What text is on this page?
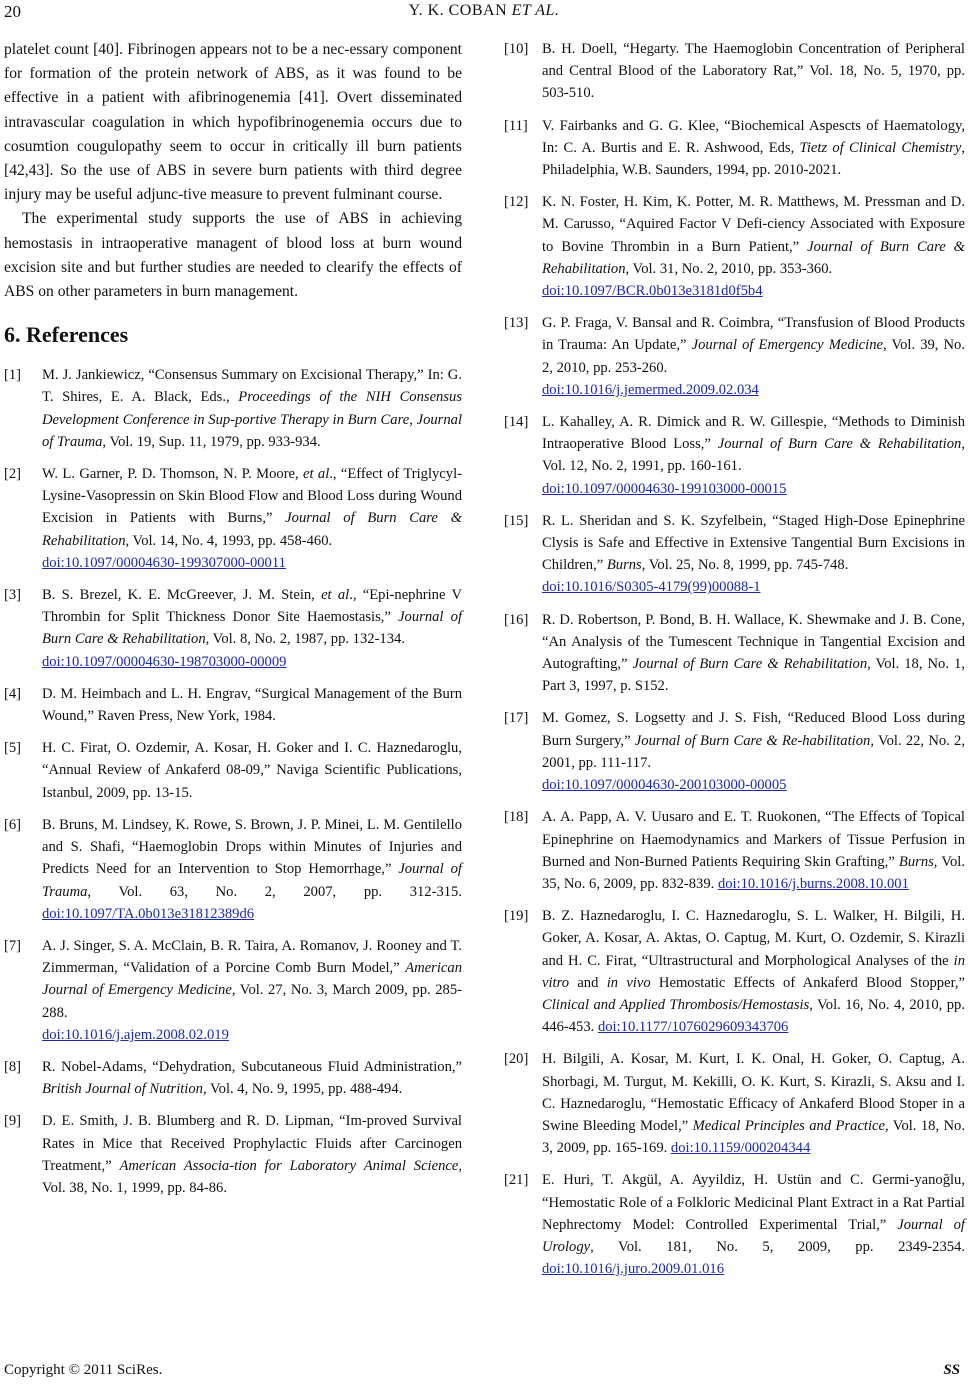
20	Y. K. COBAN ET AL.

platelet count [40]. Fibrinogen appears not to be a nec-essary component for formation of the protein network of ABS, as it was found to be effective in a patient with afibrinogenemia [41]. Overt disseminated intravascular coagulation in which hypofibrinogenemia occurs due to cosumtion cougulopathy seem to occur in critically ill burn patients [42,43]. So the use of ABS in severe burn patients with third degree injury may be useful adjunc-tive measure to prevent fulminant course.

The experimental study supports the use of ABS in achieving hemostasis in intraoperative managent of blood loss at burn wound excision site and but further studies are needed to clearify the effects of ABS on other parameters in burn management.

6. References
[1]	M. J. Jankiewicz, “Consensus Summary on Excisional Therapy,” In: G. T. Shires, E. A. Black, Eds., Proceedings of the NIH Consensus Development Conference in Sup-portive Therapy in Burn Care, Journal of Trauma, Vol. 19, Sup. 11, 1979, pp. 933-934.
[2]	W. L. Garner, P. D. Thomson, N. P. Moore, et al., “Effect of Triglycyl-Lysine-Vasopressin on Skin Blood Flow and Blood Loss during Wound Excision in Patients with Burns,” Journal of Burn Care & Rehabilitation, Vol. 14, No. 4, 1993, pp. 458-460.
doi:10.1097/00004630-199307000-00011
[3]	B. S. Brezel, K. E. McGreever, J. M. Stein, et al., “Epi-nephrine V Thrombin for Split Thickness Donor Site Haemostasis,” Journal of Burn Care & Rehabilitation, Vol. 8, No. 2, 1987, pp. 132-134.
doi:10.1097/00004630-198703000-00009
[4]	D. M. Heimbach and L. H. Engrav, “Surgical Management of the Burn Wound,” Raven Press, New York, 1984.
[5]	H. C. Firat, O. Ozdemir, A. Kosar, H. Goker and I. C. Haznedaroglu, “Annual Review of Ankaferd 08-09,” Naviga Scientific Publications, Istanbul, 2009, pp. 13-15.
[6]	B. Bruns, M. Lindsey, K. Rowe, S. Brown, J. P. Minei, L. M. Gentilello and S. Shafi, “Haemoglobin Drops within Minutes of Injuries and Predicts Need for an Intervention to Stop Hemorrhage,” Journal of Trauma, Vol. 63, No. 2, 2007, pp. 312-315. doi:10.1097/TA.0b013e31812389d6
[7]	A. J. Singer, S. A. McClain, B. R. Taira, A. Romanov, J. Rooney and T. Zimmerman, “Validation of a Porcine Comb Burn Model,” American Journal of Emergency Medicine, Vol. 27, No. 3, March 2009, pp. 285-288.
doi:10.1016/j.ajem.2008.02.019
[8]	R. Nobel-Adams, “Dehydration, Subcutaneous Fluid Administration,” British Journal of Nutrition, Vol. 4, No. 9, 1995, pp. 488-494.
[9]	D. E. Smith, J. B. Blumberg and R. D. Lipman, “Im-proved Survival Rates in Mice that Received Prophylactic Fluids after Carcinogen Treatment,” American Associa-tion for Laboratory Animal Science, Vol. 38, No. 1, 1999, pp. 84-86.
[10] B. H. Doell, “Hegarty. The Haemoglobin Concentration of Peripheral and Central Blood of the Laboratory Rat,” Vol. 18, No. 5, 1970, pp. 503-510.
[11] V. Fairbanks and G. G. Klee, “Biochemical Aspescts of Haematology, In: C. A. Burtis and E. R. Ashwood, Eds, Tietz of Clinical Chemistry, Philadelphia, W.B. Saunders, 1994, pp. 2010-2021.
[12] K. N. Foster, H. Kim, K. Potter, M. R. Matthews, M. Pressman and D. M. Carusso, “Aquired Factor V Defi-ciency Associated with Exposure to Bovine Thrombin in a Burn Patient,” Journal of Burn Care & Rehabilitation, Vol. 31, No. 2, 2010, pp. 353-360.
doi:10.1097/BCR.0b013e3181d0f5b4
[13] G. P. Fraga, V. Bansal and R. Coimbra, “Transfusion of Blood Products in Trauma: An Update,” Journal of Emergency Medicine, Vol. 39, No. 2, 2010, pp. 253-260.
doi:10.1016/j.jemermed.2009.02.034
[14] L. Kahalley, A. R. Dimick and R. W. Gillespie, “Methods to Diminish Intraoperative Blood Loss,” Journal of Burn Care & Rehabilitation, Vol. 12, No. 2, 1991, pp. 160-161.
doi:10.1097/00004630-199103000-00015
[15] R. L. Sheridan and S. K. Szyfelbein, “Staged High-Dose Epinephrine Clysis is Safe and Effective in Extensive Tangential Burn Excisions in Children,” Burns, Vol. 25, No. 8, 1999, pp. 745-748.
doi:10.1016/S0305-4179(99)00088-1
[16] R. D. Robertson, P. Bond, B. H. Wallace, K. Shewmake and J. B. Cone, “An Analysis of the Tumescent Technique in Tangential Excision and Autografting,” Journal of Burn Care & Rehabilitation, Vol. 18, No. 1, Part 3, 1997, p. S152.
[17] M. Gomez, S. Logsetty and J. S. Fish, “Reduced Blood Loss during Burn Surgery,” Journal of Burn Care & Re-habilitation, Vol. 22, No. 2, 2001, pp. 111-117.
doi:10.1097/00004630-200103000-00005
[18] A. A. Papp, A. V. Uusaro and E. T. Ruokonen, “The Effects of Topical Epinephrine on Haemodynamics and Markers of Tissue Perfusion in Burned and Non-Burned Patients Requiring Skin Grafting,” Burns, Vol. 35, No. 6, 2009, pp. 832-839. doi:10.1016/j.burns.2008.10.001
[19] B. Z. Haznedaroglu, I. C. Haznedaroglu, S. L. Walker, H. Bilgili, H. Goker, A. Kosar, A. Aktas, O. Captug, M. Kurt, O. Ozdemir, S. Kirazli and H. C. Firat, “Ultrastructural and Morphological Analyses of the in vitro and in vivo Hemostatic Effects of Ankaferd Blood Stopper,” Clinical and Applied Thrombosis/Hemostasis, Vol. 16, No. 4, 2010, pp. 446-453. doi:10.1177/1076029609343706
[20] H. Bilgili, A. Kosar, M. Kurt, I. K. Onal, H. Goker, O. Captug, A. Shorbagi, M. Turgut, M. Kekilli, O. K. Kurt, S. Kirazli, S. Aksu and I. C. Haznedaroglu, “Hemostatic Efficacy of Ankaferd Blood Stoper in a Swine Bleeding Model,” Medical Principles and Practice, Vol. 18, No. 3, 2009, pp. 165-169. doi:10.1159/000204344
[21] E. Huri, T. Akgül, A. Ayyildiz, H. Ustün and C. Germi-yanoğlu, “Hemostatic Role of a Folkloric Medicinal Plant Extract in a Rat Partial Nephrectomy Model: Controlled Experimental Trial,” Journal of Urology, Vol. 181, No. 5, 2009, pp. 2349-2354. doi:10.1016/j.juro.2009.01.016
Copyright © 2011 SciRes.	SS
